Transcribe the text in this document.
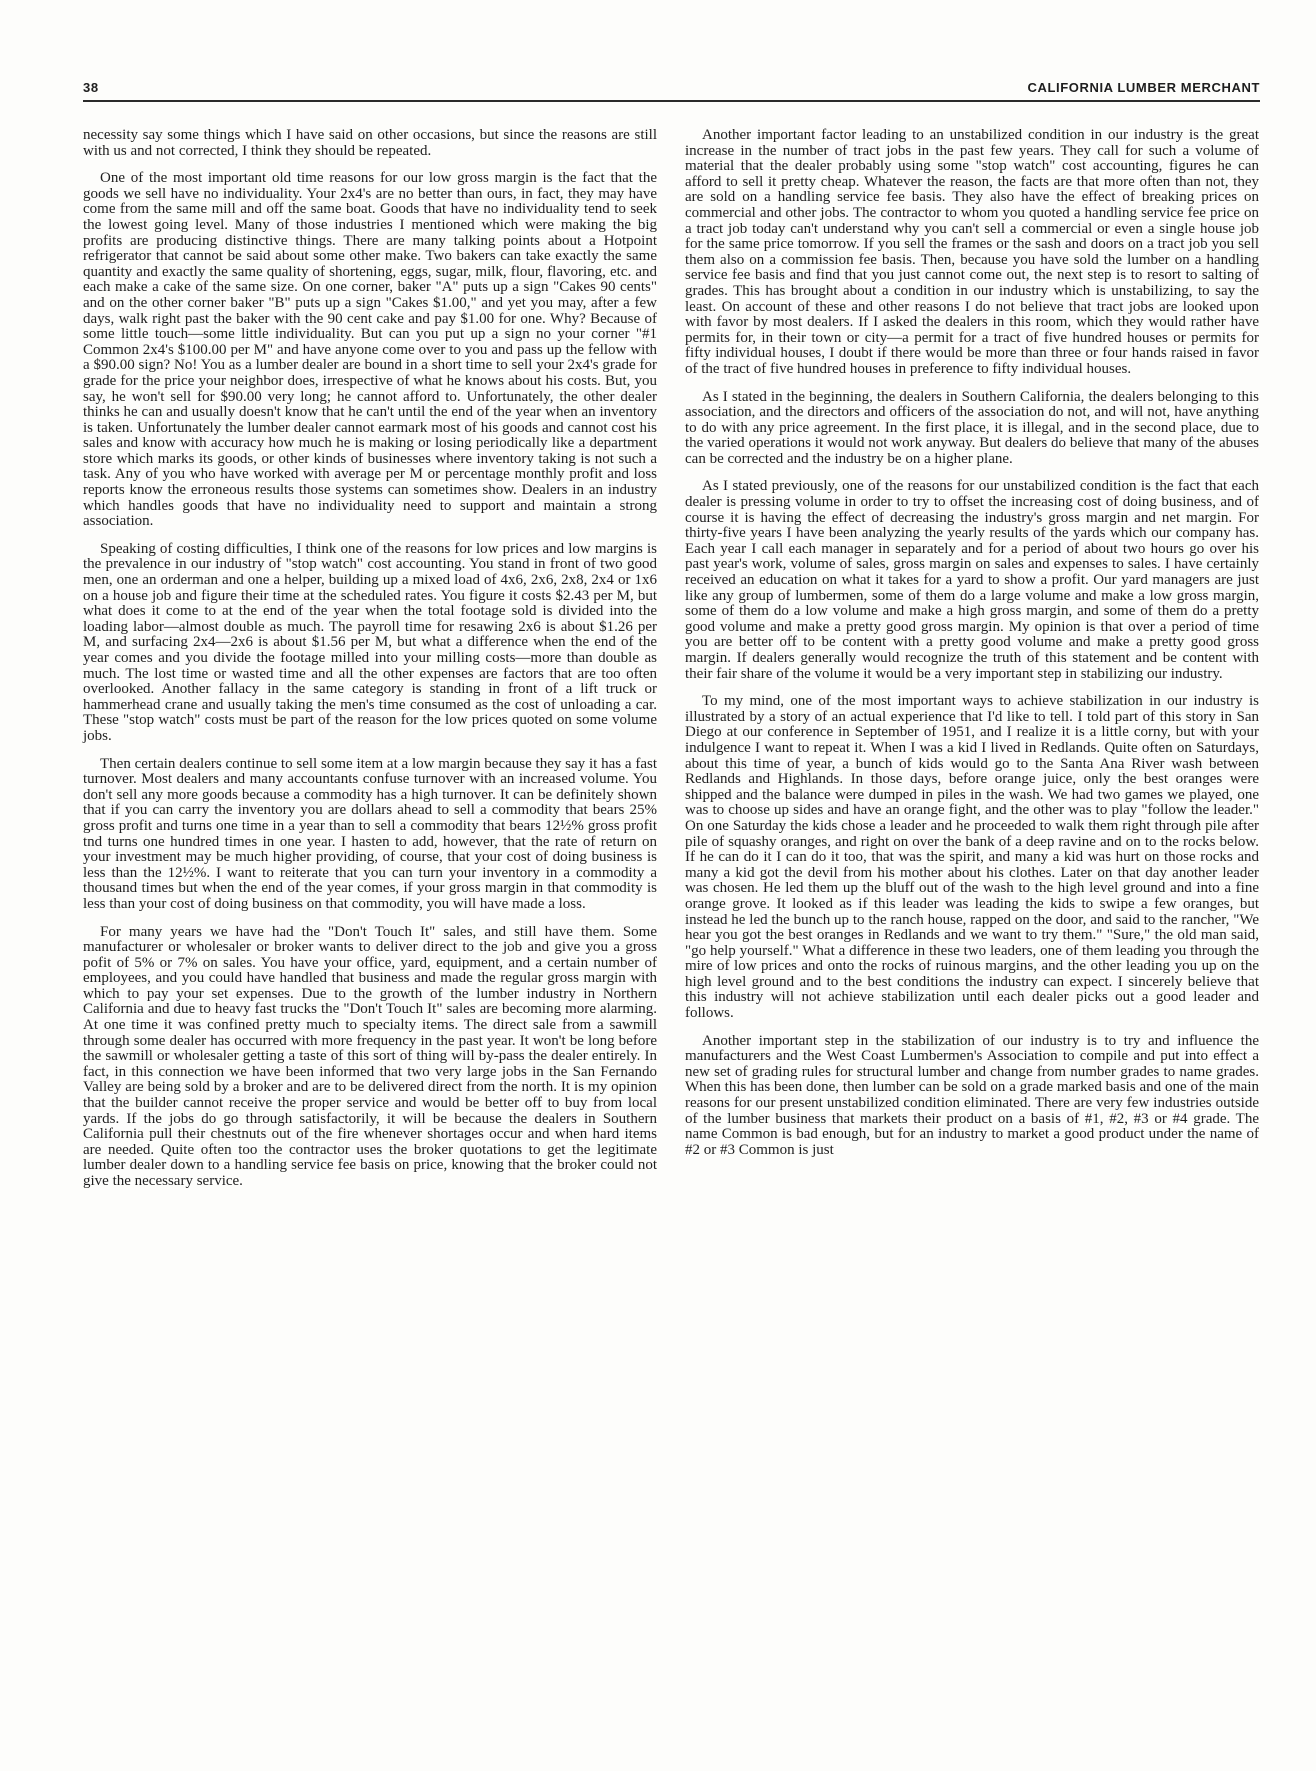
38	CALIFORNIA LUMBER MERCHANT

necessity say some things which I have said on other occasions, but since the reasons are still with us and not corrected, I think they should be repeated.

One of the most important old time reasons for our low gross margin is the fact that the goods we sell have no individuality. Your 2x4's are no better than ours, in fact, they may have come from the same mill and off the same boat. Goods that have no individuality tend to seek the lowest going level. Many of those industries I mentioned which were making the big profits are producing distinctive things. There are many talking points about a Hotpoint refrigerator that cannot be said about some other make. Two bakers can take exactly the same quantity and exactly the same quality of shortening, eggs, sugar, milk, flour, flavoring, etc. and each make a cake of the same size. On one corner, baker "A" puts up a sign "Cakes 90 cents" and on the other corner baker "B" puts up a sign "Cakes $1.00," and yet you may, after a few days, walk right past the baker with the 90 cent cake and pay $1.00 for one. Why? Because of some little touch—some little individuality. But can you put up a sign no your corner "#1 Common 2x4's $100.00 per M" and have anyone come over to you and pass up the fellow with a $90.00 sign? No! You as a lumber dealer are bound in a short time to sell your 2x4's grade for grade for the price your neighbor does, irrespective of what he knows about his costs. But, you say, he won't sell for $90.00 very long; he cannot afford to. Unfortunately, the other dealer thinks he can and usually doesn't know that he can't until the end of the year when an inventory is taken. Unfortunately the lumber dealer cannot earmark most of his goods and cannot cost his sales and know with accuracy how much he is making or losing periodically like a department store which marks its goods, or other kinds of businesses where inventory taking is not such a task. Any of you who have worked with average per M or percentage monthly profit and loss reports know the erroneous results those systems can sometimes show. Dealers in an industry which handles goods that have no individuality need to support and maintain a strong association.

Speaking of costing difficulties, I think one of the reasons for low prices and low margins is the prevalence in our industry of "stop watch" cost accounting. You stand in front of two good men, one an orderman and one a helper, building up a mixed load of 4x6, 2x6, 2x8, 2x4 or 1x6 on a house job and figure their time at the scheduled rates. You figure it costs $2.43 per M, but what does it come to at the end of the year when the total footage sold is divided into the loading labor—almost double as much. The payroll time for resawing 2x6 is about $1.26 per M, and surfacing 2x4—2x6 is about $1.56 per M, but what a difference when the end of the year comes and you divide the footage milled into your milling costs—more than double as much. The lost time or wasted time and all the other expenses are factors that are too often overlooked. Another fallacy in the same category is standing in front of a lift truck or hammerhead crane and usually taking the men's time consumed as the cost of unloading a car. These "stop watch" costs must be part of the reason for the low prices quoted on some volume jobs.

Then certain dealers continue to sell some item at a low margin because they say it has a fast turnover. Most dealers and many accountants confuse turnover with an increased volume. You don't sell any more goods because a commodity has a high turnover. It can be definitely shown that if you can carry the inventory you are dollars ahead to sell a commodity that bears 25% gross profit and turns one time in a year than to sell a commodity that bears 12½% gross profit tnd turns one hundred times in one year. I hasten to add, however, that the rate of return on your investment may be much higher providing, of course, that your cost of doing business is less than the 12½%. I want to reiterate that you can turn your inventory in a commodity a thousand times but when the end of the year comes, if your gross margin in that commodity is less than your cost of doing business on that commodity, you will have made a loss.

For many years we have had the "Don't Touch It" sales, and still have them. Some manufacturer or wholesaler or broker wants to deliver direct to the job and give you a gross pofit of 5% or 7% on sales. You have your office, yard, equipment, and a certain number of employees, and you could have handled that business and made the regular gross margin with which to pay your set expenses. Due to the growth of the lumber industry in Northern California and due to heavy fast trucks the "Don't Touch It" sales are becoming more alarming. At one time it was confined pretty much to specialty items. The direct sale from a sawmill through some dealer has occurred with more frequency in the past year. It won't be long before the sawmill or wholesaler getting a taste of this sort of thing will by-pass the dealer entirely. In fact, in this connection we have been informed that two very large jobs in the San Fernando Valley are being sold by a broker and are to be delivered direct from the north. It is my opinion that the builder cannot receive the proper service and would be better off to buy from local yards. If the jobs do go through satisfactorily, it will be because the dealers in Southern California pull their chestnuts out of the fire whenever shortages occur and when hard items are needed. Quite often too the contractor uses the broker quotations to get the legitimate lumber dealer down to a handling service fee basis on price, knowing that the broker could not give the necessary service.

Another important factor leading to an unstabilized condition in our industry is the great increase in the number of tract jobs in the past few years. They call for such a volume of material that the dealer probably using some "stop watch" cost accounting, figures he can afford to sell it pretty cheap. Whatever the reason, the facts are that more often than not, they are sold on a handling service fee basis. They also have the effect of breaking prices on commercial and other jobs. The contractor to whom you quoted a handling service fee price on a tract job today can't understand why you can't sell a commercial or even a single house job for the same price tomorrow. If you sell the frames or the sash and doors on a tract job you sell them also on a commission fee basis. Then, because you have sold the lumber on a handling service fee basis and find that you just cannot come out, the next step is to resort to salting of grades. This has brought about a condition in our industry which is unstabilizing, to say the least. On account of these and other reasons I do not believe that tract jobs are looked upon with favor by most dealers. If I asked the dealers in this room, which they would rather have permits for, in their town or city—a permit for a tract of five hundred houses or permits for fifty individual houses, I doubt if there would be more than three or four hands raised in favor of the tract of five hundred houses in preference to fifty individual houses.

As I stated in the beginning, the dealers in Southern California, the dealers belonging to this association, and the directors and officers of the association do not, and will not, have anything to do with any price agreement. In the first place, it is illegal, and in the second place, due to the varied operations it would not work anyway. But dealers do believe that many of the abuses can be corrected and the industry be on a higher plane.

As I stated previously, one of the reasons for our unstabilized condition is the fact that each dealer is pressing volume in order to try to offset the increasing cost of doing business, and of course it is having the effect of decreasing the industry's gross margin and net margin. For thirty-five years I have been analyzing the yearly results of the yards which our company has. Each year I call each manager in separately and for a period of about two hours go over his past year's work, volume of sales, gross margin on sales and expenses to sales. I have certainly received an education on what it takes for a yard to show a profit. Our yard managers are just like any group of lumbermen, some of them do a large volume and make a low gross margin, some of them do a low volume and make a high gross margin, and some of them do a pretty good volume and make a pretty good gross margin. My opinion is that over a period of time you are better off to be content with a pretty good volume and make a pretty good gross margin. If dealers generally would recognize the truth of this statement and be content with their fair share of the volume it would be a very important step in stabilizing our industry.

To my mind, one of the most important ways to achieve stabilization in our industry is illustrated by a story of an actual experience that I'd like to tell. I told part of this story in San Diego at our conference in September of 1951, and I realize it is a little corny, but with your indulgence I want to repeat it. When I was a kid I lived in Redlands. Quite often on Saturdays, about this time of year, a bunch of kids would go to the Santa Ana River wash between Redlands and Highlands. In those days, before orange juice, only the best oranges were shipped and the balance were dumped in piles in the wash. We had two games we played, one was to choose up sides and have an orange fight, and the other was to play "follow the leader." On one Saturday the kids chose a leader and he proceeded to walk them right through pile after pile of squashy oranges, and right on over the bank of a deep ravine and on to the rocks below. If he can do it I can do it too, that was the spirit, and many a kid was hurt on those rocks and many a kid got the devil from his mother about his clothes. Later on that day another leader was chosen. He led them up the bluff out of the wash to the high level ground and into a fine orange grove. It looked as if this leader was leading the kids to swipe a few oranges, but instead he led the bunch up to the ranch house, rapped on the door, and said to the rancher, "We hear you got the best oranges in Redlands and we want to try them." "Sure," the old man said, "go help yourself." What a difference in these two leaders, one of them leading you through the mire of low prices and onto the rocks of ruinous margins, and the other leading you up on the high level ground and to the best conditions the industry can expect. I sincerely believe that this industry will not achieve stabilization until each dealer picks out a good leader and follows.

Another important step in the stabilization of our industry is to try and influence the manufacturers and the West Coast Lumbermen's Association to compile and put into effect a new set of grading rules for structural lumber and change from number grades to name grades. When this has been done, then lumber can be sold on a grade marked basis and one of the main reasons for our present unstabilized condition eliminated. There are very few industries outside of the lumber business that markets their product on a basis of #1, #2, #3 or #4 grade. The name Common is bad enough, but for an industry to market a good product under the name of #2 or #3 Common is just
